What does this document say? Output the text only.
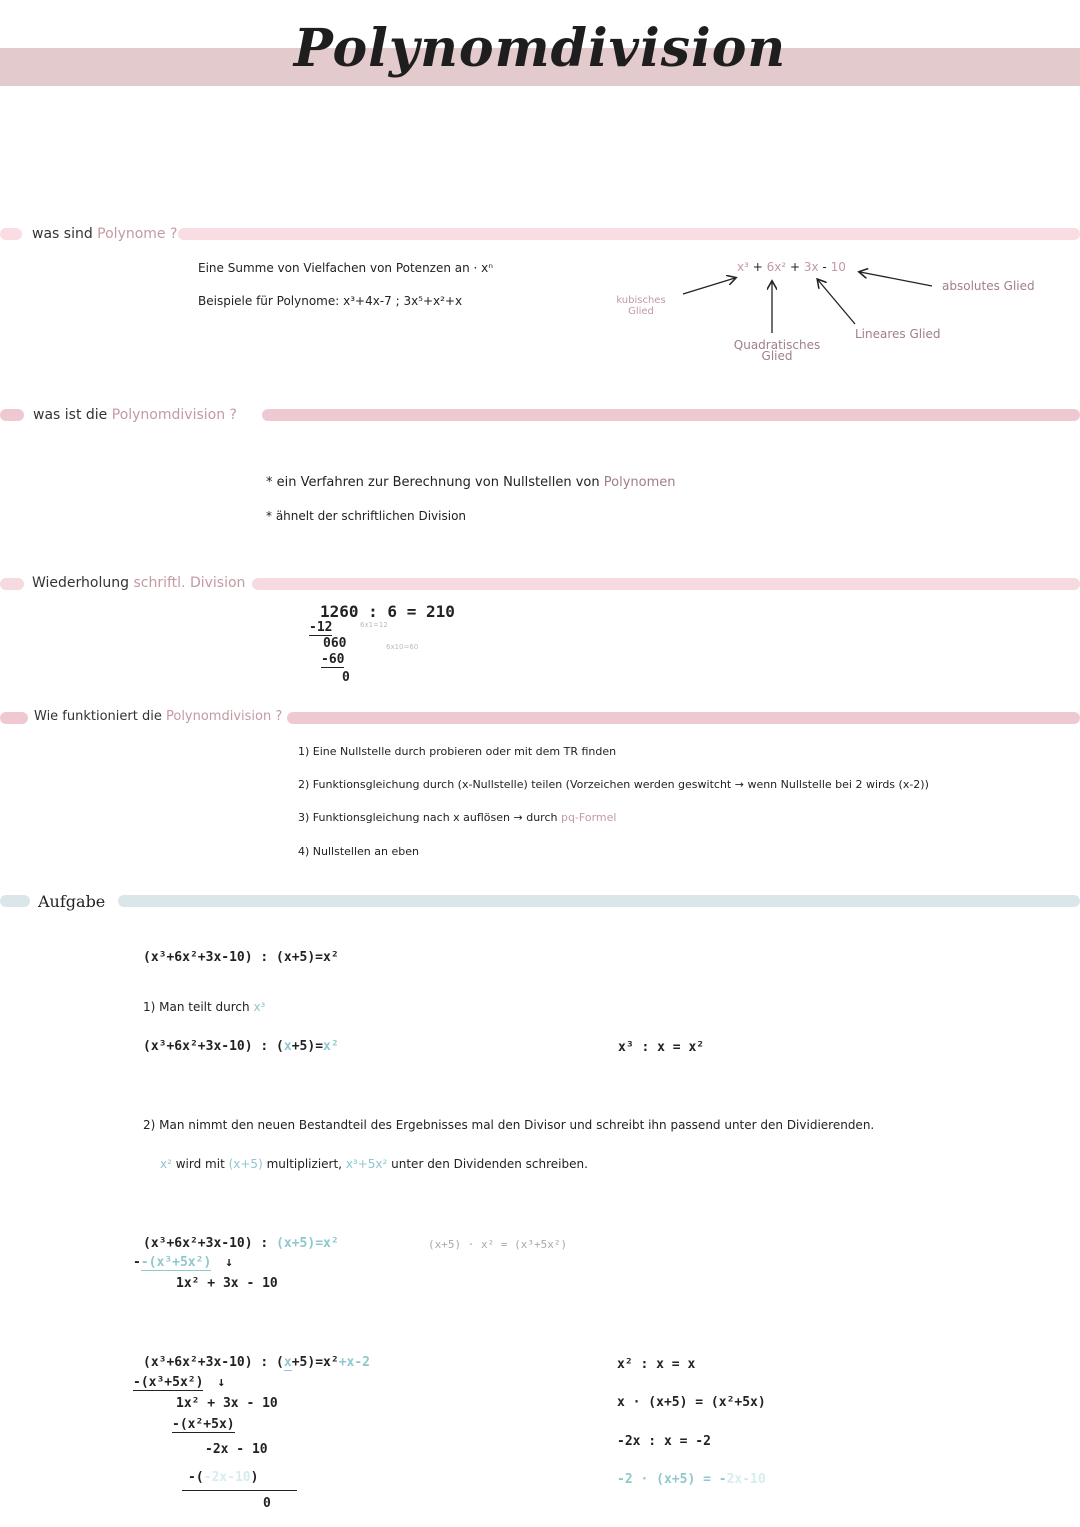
Polynomdivision
was sind Polynome ?
Eine Summe von Vielfachen von Potenzen an · xⁿ
Beispiele für Polynome: x³+4x-7 ; 3x⁵+x²+x
x³ + 6x² + 3x - 10
kubisches
Glied
Quadratisches
Glied
Lineares Glied
absolutes Glied
was ist die Polynomdivision ?
* ein Verfahren zur Berechnung von Nullstellen von Polynomen
* ähnelt der schriftlichen Division
Wiederholung schriftl. Division
1260 : 6 = 210
-12
060
-60
0
6x1=12
6x10=60
Wie funktioniert die Polynomdivision ?
1) Eine Nullstelle durch probieren oder mit dem TR finden
2) Funktionsgleichung durch (x-Nullstelle) teilen (Vorzeichen werden geswitcht → wenn Nullstelle bei 2 wirds (x-2))
3) Funktionsgleichung nach x auflösen → durch pq-Formel
4) Nullstellen an eben
Aufgabe
(x³+6x²+3x-10) : (x+5)=x²
1) Man teilt durch x³
(x³+6x²+3x-10) : (x+5)=x²	x³ : x = x²
2) Man nimmt den neuen Bestandteil des Ergebnisses mal den Divisor und schreibt ihn passend unter den Dividierenden.
x² wird mit (x+5) multipliziert, x³+5x² unter den Dividenden schreiben.
(x³+6x²+3x-10) : (x+5)=x²
--(x³+5x²) ↓
1x² + 3x - 10
(x+5) · x² = (x³+5x²)
(x³+6x²+3x-10) : (x+5)=x²+x-2
-(x³+5x²) ↓
1x² + 3x - 10
-(x²+5x)
-2x - 10
-(-2x-10)
0
x² : x = x
x · (x+5) = (x²+5x)
-2x : x = -2
-2 · (x+5) = -2x-10
